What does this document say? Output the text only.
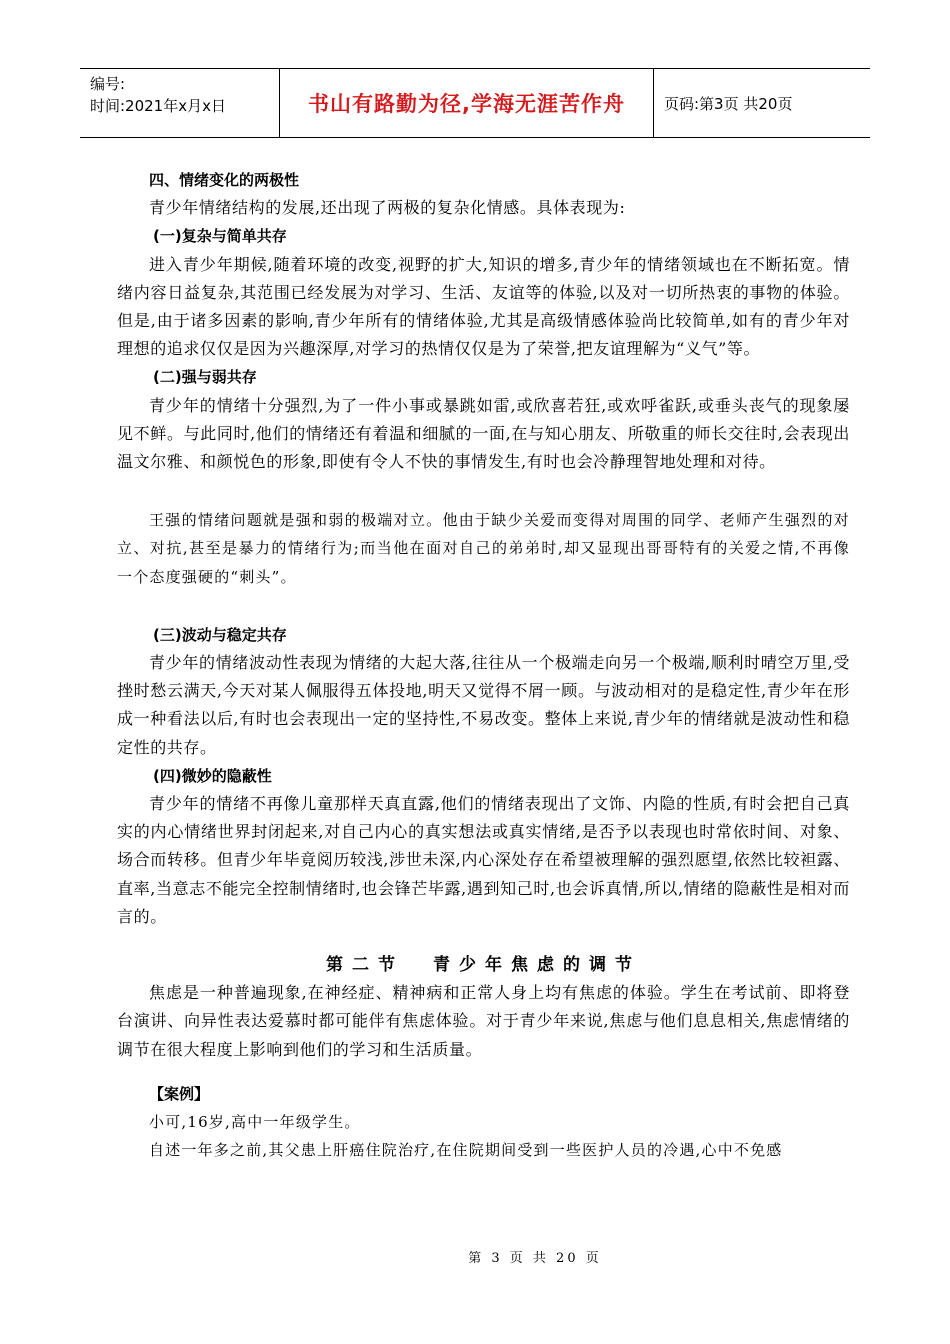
编号:
时间:2021年x月x日	书山有路勤为径,学海无涯苦作舟	页码:第3页 共20页
四、情绪变化的两极性

青少年情绪结构的发展,还出现了两极的复杂化情感。具体表现为:

(一)复杂与简单共存

进入青少年期候,随着环境的改变,视野的扩大,知识的增多,青少年的情绪领域也在不断拓宽。情绪内容日益复杂,其范围已经发展为对学习、生活、友谊等的体验,以及对一切所热衷的事物的体验。但是,由于诸多因素的影响,青少年所有的情绪体验,尤其是高级情感体验尚比较简单,如有的青少年对理想的追求仅仅是因为兴趣深厚,对学习的热情仅仅是为了荣誉,把友谊理解为“义气”等。

(二)强与弱共存

青少年的情绪十分强烈,为了一件小事或暴跳如雷,或欣喜若狂,或欢呼雀跃,或垂头丧气的现象屡见不鲜。与此同时,他们的情绪还有着温和细腻的一面,在与知心朋友、所敬重的师长交往时,会表现出温文尔雅、和颜悦色的形象,即使有令人不快的事情发生,有时也会冷静理智地处理和对待。

王强的情绪问题就是强和弱的极端对立。他由于缺少关爱而变得对周围的同学、老师产生强烈的对立、对抗,甚至是暴力的情绪行为;而当他在面对自己的弟弟时,却又显现出哥哥特有的关爱之情,不再像一个态度强硬的“刺头”。

(三)波动与稳定共存

青少年的情绪波动性表现为情绪的大起大落,往往从一个极端走向另一个极端,顺利时晴空万里,受挫时愁云满天,今天对某人佩服得五体投地,明天又觉得不屑一顾。与波动相对的是稳定性,青少年在形成一种看法以后,有时也会表现出一定的坚持性,不易改变。整体上来说,青少年的情绪就是波动性和稳定性的共存。

(四)微妙的隐蔽性

青少年的情绪不再像儿童那样天真直露,他们的情绪表现出了文饰、内隐的性质,有时会把自己真实的内心情绪世界封闭起来,对自己内心的真实想法或真实情绪,是否予以表现也时常依时间、对象、场合而转移。但青少年毕竟阅历较浅,涉世未深,内心深处存在希望被理解的强烈愿望,依然比较袒露、直率,当意志不能完全控制情绪时,也会锋芒毕露,遇到知己时,也会诉真情,所以,情绪的隐蔽性是相对而言的。

第二节 青少年焦虑的调节

焦虑是一种普遍现象,在神经症、精神病和正常人身上均有焦虑的体验。学生在考试前、即将登台演讲、向异性表达爱慕时都可能伴有焦虑体验。对于青少年来说,焦虑与他们息息相关,焦虑情绪的调节在很大程度上影响到他们的学习和生活质量。

【案例】

小可,16岁,高中一年级学生。

自述一年多之前,其父患上肝癌住院治疗,在住院期间受到一些医护人员的冷遇,心中不免感

第 3 页 共 20 页
